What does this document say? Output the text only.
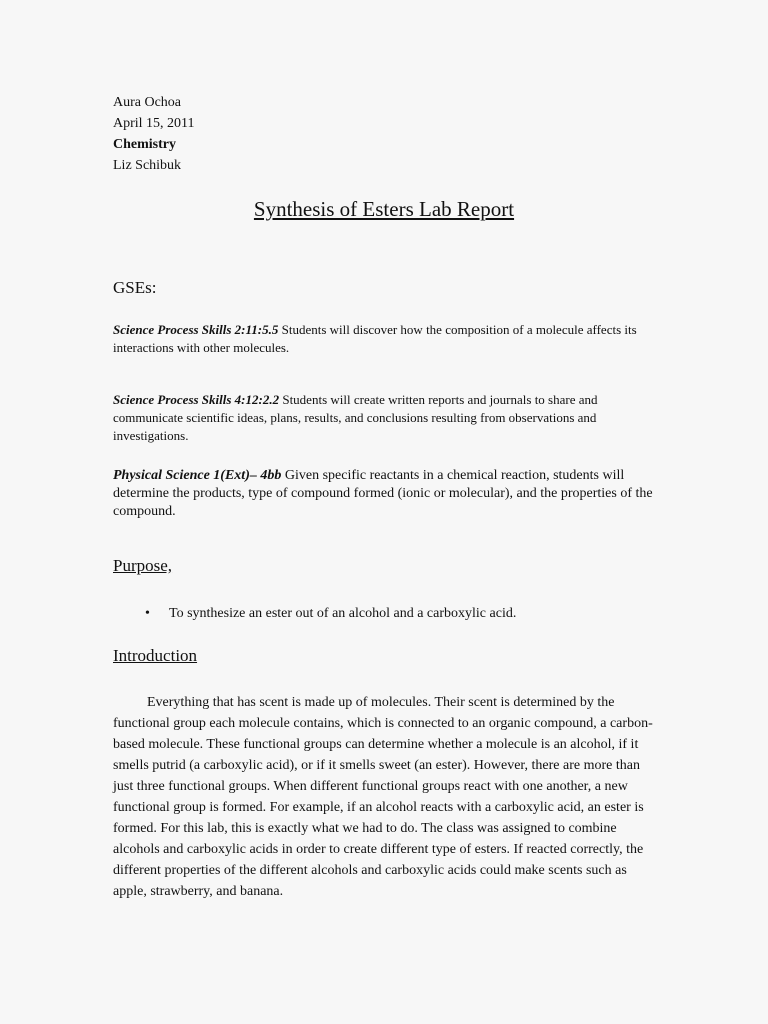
Aura Ochoa
April 15, 2011
Chemistry
Liz Schibuk
Synthesis of Esters Lab Report
GSEs:
Science Process Skills 2:11:5.5 Students will discover how the composition of a molecule affects its interactions with other molecules.
Science Process Skills 4:12:2.2 Students will create written reports and journals to share and communicate scientific ideas, plans, results, and conclusions resulting from observations and investigations.
Physical Science 1(Ext)– 4bb Given specific reactants in a chemical reaction, students will determine the products, type of compound formed (ionic or molecular), and the properties of the compound.
Purpose,
• To synthesize an ester out of an alcohol and a carboxylic acid.
Introduction
Everything that has scent is made up of molecules. Their scent is determined by the functional group each molecule contains, which is connected to an organic compound, a carbon-based molecule. These functional groups can determine whether a molecule is an alcohol, if it smells putrid (a carboxylic acid), or if it smells sweet (an ester). However, there are more than just three functional groups. When different functional groups react with one another, a new functional group is formed. For example, if an alcohol reacts with a carboxylic acid, an ester is formed. For this lab, this is exactly what we had to do. The class was assigned to combine alcohols and carboxylic acids in order to create different type of esters. If reacted correctly, the different properties of the different alcohols and carboxylic acids could make scents such as apple, strawberry, and banana.
